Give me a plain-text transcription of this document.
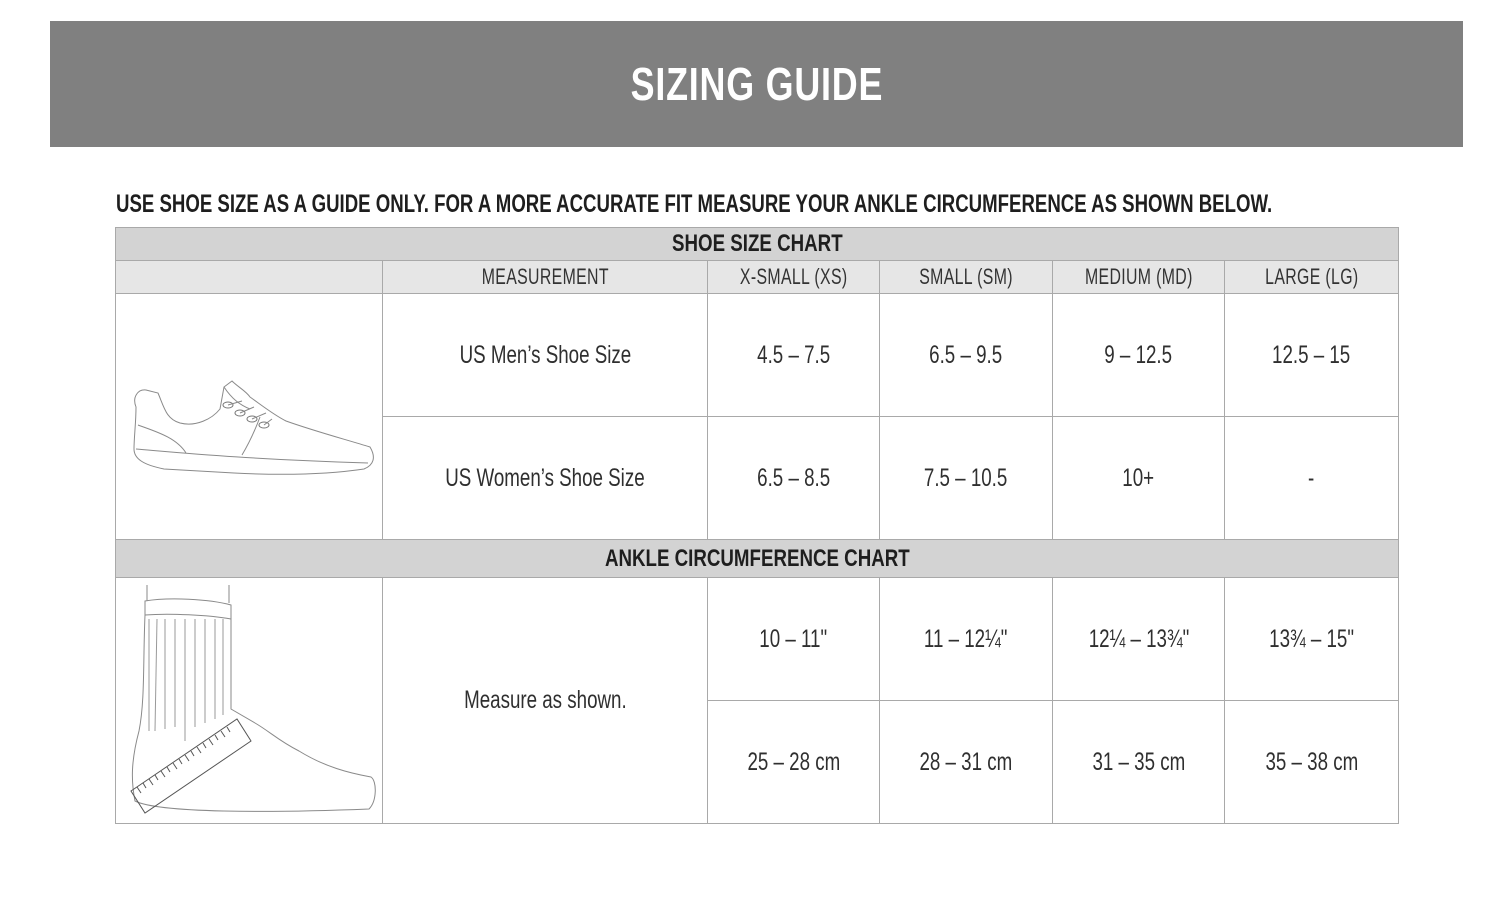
SIZING GUIDE
USE SHOE SIZE AS A GUIDE ONLY. FOR A MORE ACCURATE FIT MEASURE YOUR ANKLE CIRCUMFERENCE AS SHOWN BELOW.
SHOE SIZE CHART					
	MEASUREMENT	X-SMALL (XS)	SMALL (SM)	MEDIUM (MD)	LARGE (LG)

	US Men’s Shoe Size	4.5 – 7.5	6.5 – 9.5	9 – 12.5	12.5 – 15
	US Women’s Shoe Size	6.5 – 8.5	7.5 – 10.5	10+	-
ANKLE CIRCUMFERENCE CHART					

	Measure as shown.	10 – 11"	11 – 12¼"	12¼ – 13¾"	13¾ – 15"
		25 – 28 cm	28 – 31 cm	31 – 35 cm	35 – 38 cm
